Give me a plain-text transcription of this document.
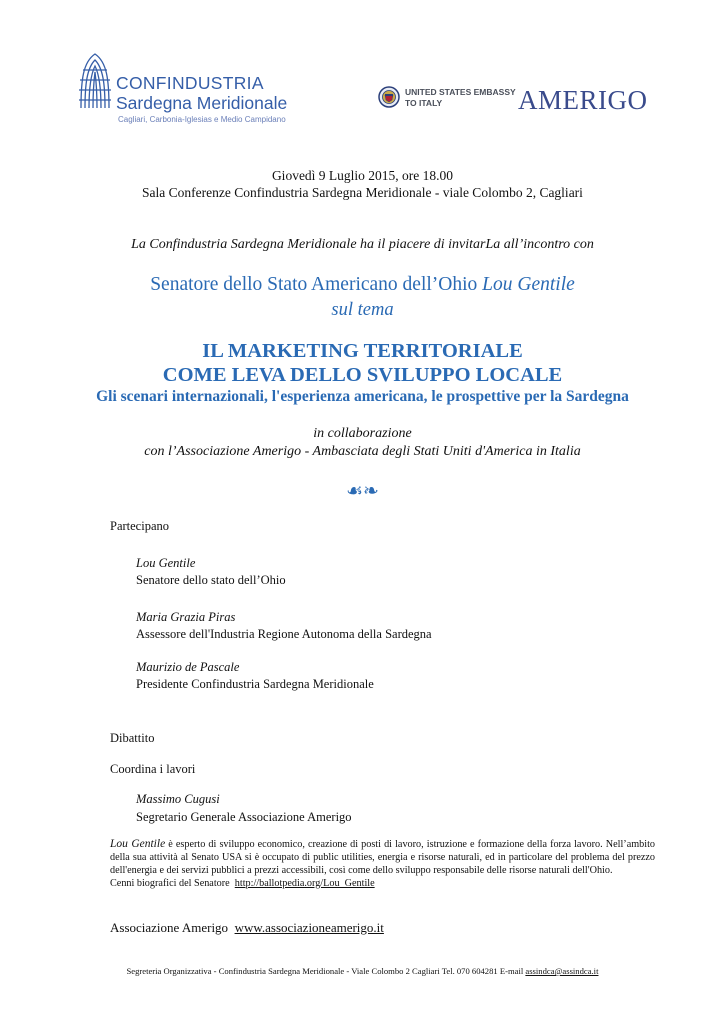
CONFINDUSTRIA
Sardegna Meridionale
Cagliari, Carbonia-Iglesias e Medio Campidano
UNITED STATES EMBASSY
TO ITALY	AMERIGO
Giovedì 9 Luglio 2015, ore 18.00
Sala Conferenze Confindustria Sardegna Meridionale - viale Colombo 2, Cagliari
La Confindustria Sardegna Meridionale ha il piacere di invitarLa all’incontro con
Senatore dello Stato Americano dell’Ohio Lou Gentile
sul tema
IL MARKETING TERRITORIALE
COME LEVA DELLO SVILUPPO LOCALE
Gli scenari internazionali, l'esperienza americana, le prospettive per la Sardegna
in collaborazione
con l’Associazione Amerigo - Ambasciata degli Stati Uniti d'America in Italia
☙❧
Partecipano
Lou Gentile
Senatore dello stato dell’Ohio
Maria Grazia Piras
Assessore dell'Industria Regione Autonoma della Sardegna
Maurizio de Pascale
Presidente Confindustria Sardegna Meridionale
Dibattito
Coordina i lavori
Massimo Cugusi
Segretario Generale Associazione Amerigo

Lou Gentile è esperto di sviluppo economico, creazione di posti di lavoro, istruzione e formazione della forza lavoro. Nell’ambito della sua attività al Senato USA si è occupato di public utilities, energia e risorse naturali, ed in particolare del problema del prezzo dell'energia e dei servizi pubblici a prezzi accessibili, così come dello sviluppo responsabile delle risorse naturali dell'Ohio.

Cenni biografici del Senatore http://ballotpedia.org/Lou_Gentile

Associazione Amerigo www.associazioneamerigo.it
Segreteria Organizzativa - Confindustria Sardegna Meridionale - Viale Colombo 2 Cagliari Tel. 070 604281 E-mail assindca@assindca.it
